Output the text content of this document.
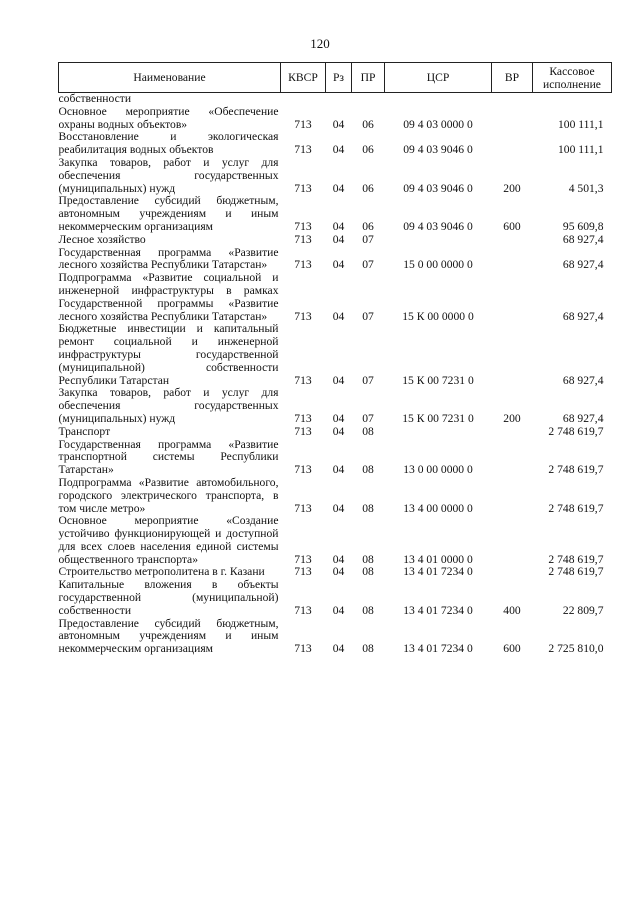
120
Наименование	КВСР	Рз	ПР	ЦСР	ВР	Кассовое исполнение
собственности						
Основное мероприятие «Обеспечение охраны водных объектов»	713	04	06	09 4 03 0000 0		100 111,1
Восстановление и экологическая реабилитация водных объектов	713	04	06	09 4 03 9046 0		100 111,1
Закупка товаров, работ и услуг для обеспечения государственных (муниципальных) нужд	713	04	06	09 4 03 9046 0	200	4 501,3
Предоставление субсидий бюджетным, автономным учреждениям и иным некоммерческим организациям	713	04	06	09 4 03 9046 0	600	95 609,8
Лесное хозяйство	713	04	07			68 927,4
Государственная программа «Развитие лесного хозяйства Республики Татарстан»	713	04	07	15 0 00 0000 0		68 927,4
Подпрограмма «Развитие социальной и инженерной инфраструктуры в рамках Государственной программы «Развитие лесного хозяйства Республики Татарстан»	713	04	07	15 К 00 0000 0		68 927,4
Бюджетные инвестиции и капитальный ремонт социальной и инженерной инфраструктуры государственной (муниципальной) собственности Республики Татарстан	713	04	07	15 К 00 7231 0		68 927,4
Закупка товаров, работ и услуг для обеспечения государственных (муниципальных) нужд	713	04	07	15 К 00 7231 0	200	68 927,4
Транспорт	713	04	08			2 748 619,7
Государственная программа «Развитие транспортной системы Республики Татарстан»	713	04	08	13 0 00 0000 0		2 748 619,7
Подпрограмма «Развитие автомобильного, городского электрического транспорта, в том числе метро»	713	04	08	13 4 00 0000 0		2 748 619,7
Основное мероприятие «Создание устойчиво функционирующей и доступной для всех слоев населения единой системы общественного транспорта»	713	04	08	13 4 01 0000 0		2 748 619,7
Строительство метрополитена в г. Казани	713	04	08	13 4 01 7234 0		2 748 619,7
Капитальные вложения в объекты государственной (муниципальной) собственности	713	04	08	13 4 01 7234 0	400	22 809,7
Предоставление субсидий бюджетным, автономным учреждениям и иным некоммерческим организациям	713	04	08	13 4 01 7234 0	600	2 725 810,0
